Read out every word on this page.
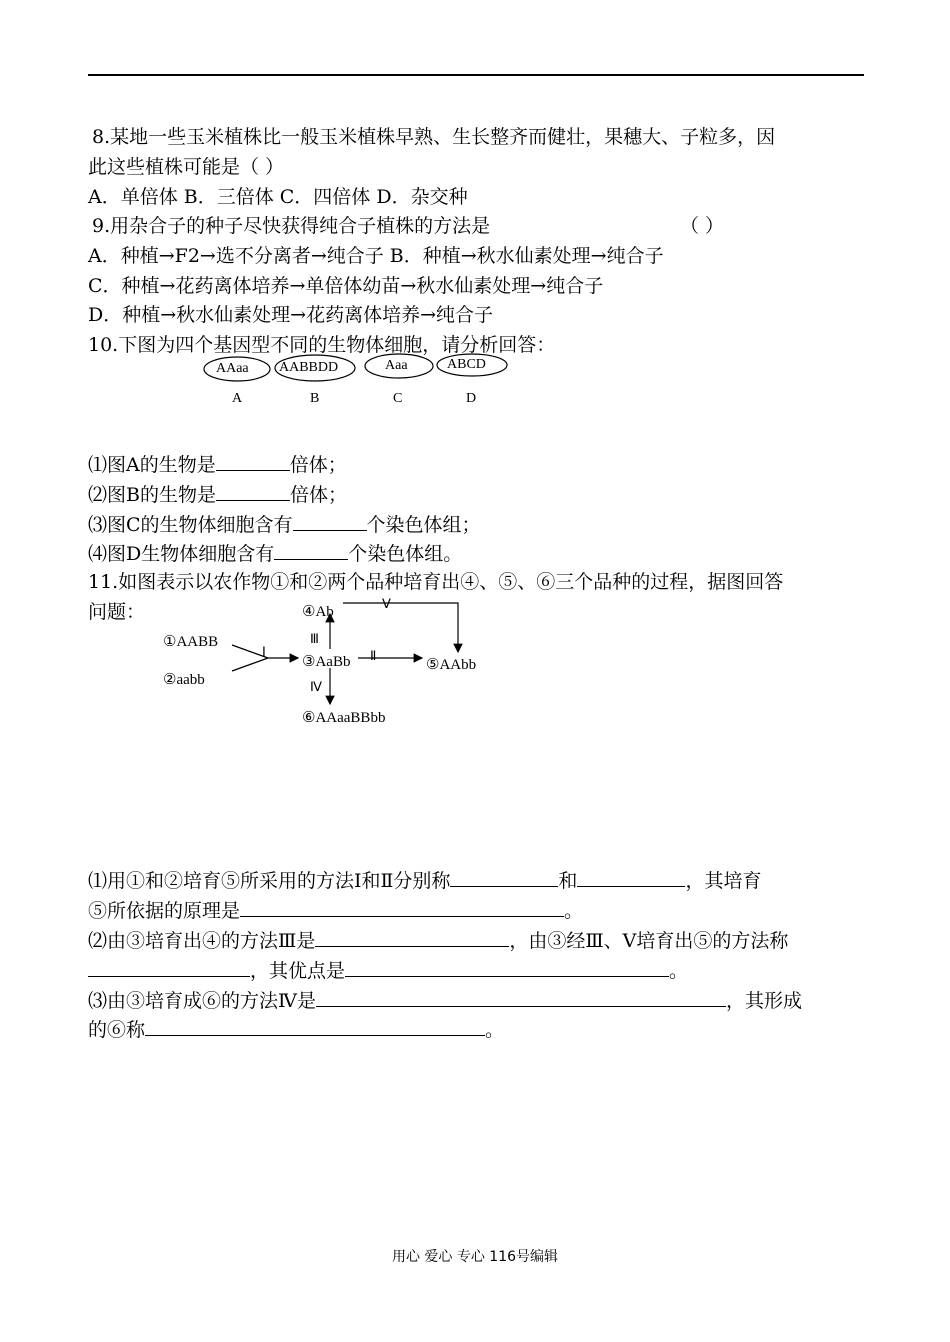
8.某地一些玉米植株比一般玉米植株早熟、生长整齐而健壮，果穗大、子粒多，因
此这些植株可能是（ ）
A．单倍体 B．三倍体 C．四倍体 D．杂交种
9.用杂合子的种子尽快获得纯合子植株的方法是	（ ）
A．种植→F2→选不分离者→纯合子 B．种植→秋水仙素处理→纯合子
C．种植→花药离体培养→单倍体幼苗→秋水仙素处理→纯合子
D．种植→秋水仙素处理→花药离体培养→纯合子
10.下图为四个基因型不同的生物体细胞，请分析回答：
AAaa AABBDD	Aaa	ABCD
A	B	C	D
⑴图A的生物是	倍体；
⑵图B的生物是	倍体；
⑶图C的生物体细胞含有	个染色体组；
⑷图D生物体细胞含有	个染色体组。
11.如图表示以农作物①和②两个品种培育出④、⑤、⑥三个品种的过程，据图回答
问题：
①AABB
②aabb
③AaBb
④Ab
⑤AAbb
⑥AAaaBBbb
Ⅰ	Ⅱ
Ⅲ
Ⅳ
Ⅴ
⑴用①和②培育⑤所采用的方法Ⅰ和Ⅱ分别称	和	，其培育
⑤所依据的原理是	。
⑵由③培育出④的方法Ⅲ是	，由③经Ⅲ、Ⅴ培育出⑤的方法称
，其优点是	。
⑶由③培育成⑥的方法Ⅳ是	，其形成
的⑥称	。
用心 爱心 专心 116号编辑
